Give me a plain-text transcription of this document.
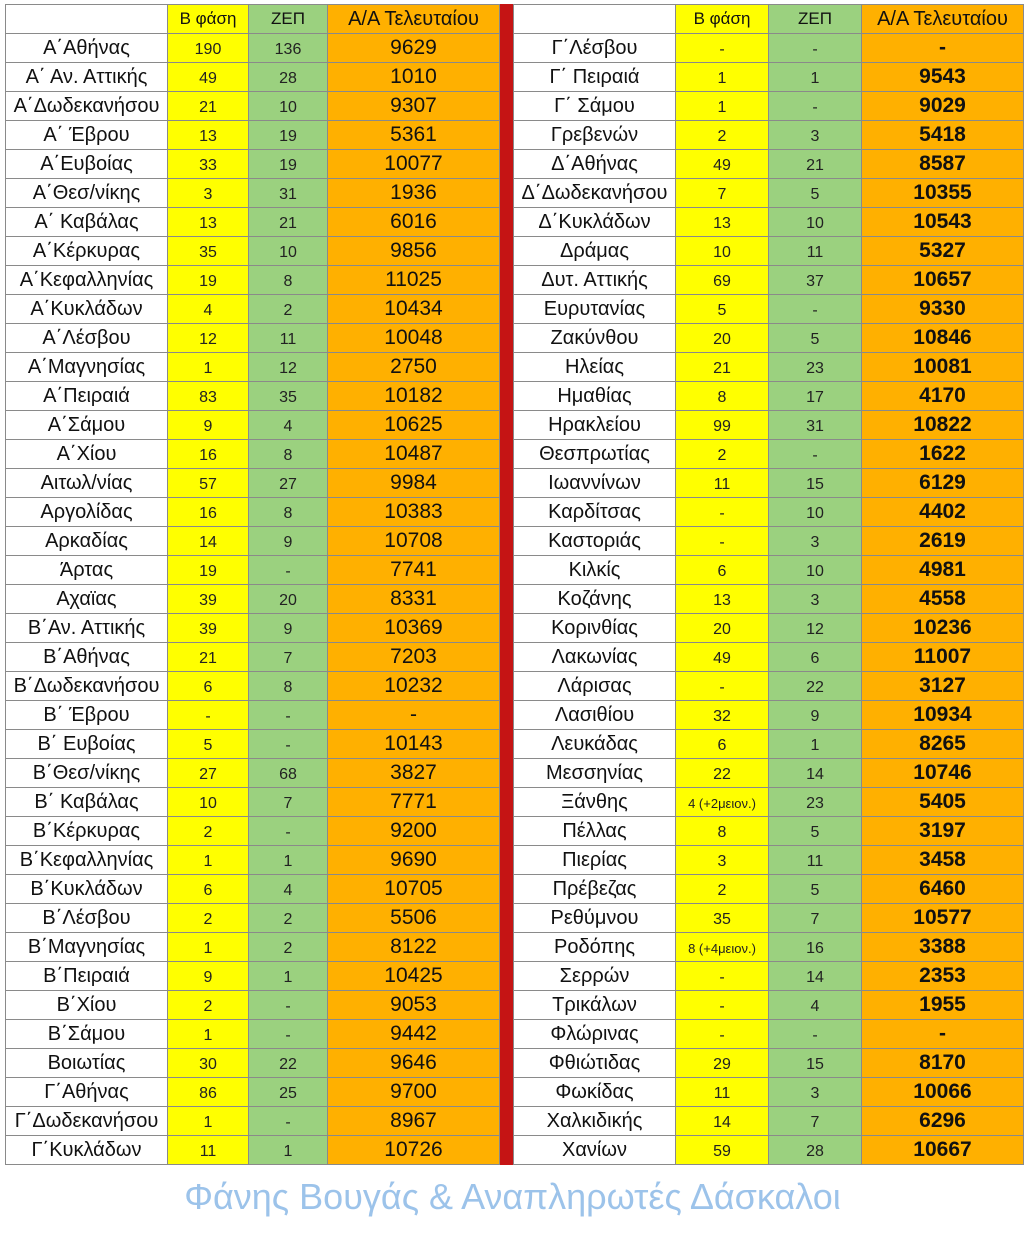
	Β φάση	ΖΕΠ	Α/Α Τελευταίου
Α΄Αθήνας	190	136	9629
Α΄ Αν. Αττικής	49	28	1010
Α΄Δωδεκανήσου	21	10	9307
Α΄ Έβρου	13	19	5361
Α΄Ευβοίας	33	19	10077
Α΄Θεσ/νίκης	3	31	1936
Α΄ Καβάλας	13	21	6016
Α΄Κέρκυρας	35	10	9856
Α΄Κεφαλληνίας	19	8	11025
Α΄Κυκλάδων	4	2	10434
Α΄Λέσβου	12	11	10048
Α΄Μαγνησίας	1	12	2750
Α΄Πειραιά	83	35	10182
Α΄Σάμου	9	4	10625
Α΄Χίου	16	8	10487
Αιτωλ/νίας	57	27	9984
Αργολίδας	16	8	10383
Αρκαδίας	14	9	10708
Άρτας	19	-	7741
Αχαϊας	39	20	8331
Β΄Αν. Αττικής	39	9	10369
Β΄Αθήνας	21	7	7203
Β΄Δωδεκανήσου	6	8	10232
Β΄ Έβρου	-	-	-
Β΄ Ευβοίας	5	-	10143
Β΄Θεσ/νίκης	27	68	3827
Β΄ Καβάλας	10	7	7771
Β΄Κέρκυρας	2	-	9200
Β΄Κεφαλληνίας	1	1	9690
Β΄Κυκλάδων	6	4	10705
Β΄Λέσβου	2	2	5506
Β΄Μαγνησίας	1	2	8122
Β΄Πειραιά	9	1	10425
Β΄Χίου	2	-	9053
Β΄Σάμου	1	-	9442
Βοιωτίας	30	22	9646
Γ΄Αθήνας	86	25	9700
Γ΄Δωδεκανήσου	1	-	8967
Γ΄Κυκλάδων	11	1	10726
	Β φάση	ΖΕΠ	Α/Α Τελευταίου
Γ΄Λέσβου	-	-	-
Γ΄ Πειραιά	1	1	9543
Γ΄ Σάμου	1	-	9029
Γρεβενών	2	3	5418
Δ΄Αθήνας	49	21	8587
Δ΄Δωδεκανήσου	7	5	10355
Δ΄Κυκλάδων	13	10	10543
Δράμας	10	11	5327
Δυτ. Αττικής	69	37	10657
Ευρυτανίας	5	-	9330
Ζακύνθου	20	5	10846
Ηλείας	21	23	10081
Ημαθίας	8	17	4170
Ηρακλείου	99	31	10822
Θεσπρωτίας	2	-	1622
Ιωαννίνων	11	15	6129
Καρδίτσας	-	10	4402
Καστοριάς	-	3	2619
Κιλκίς	6	10	4981
Κοζάνης	13	3	4558
Κορινθίας	20	12	10236
Λακωνίας	49	6	11007
Λάρισας	-	22	3127
Λασιθίου	32	9	10934
Λευκάδας	6	1	8265
Μεσσηνίας	22	14	10746
Ξάνθης	4 (+2μειον.)	23	5405
Πέλλας	8	5	3197
Πιερίας	3	11	3458
Πρέβεζας	2	5	6460
Ρεθύμνου	35	7	10577
Ροδόπης	8 (+4μειον.)	16	3388
Σερρών	-	14	2353
Τρικάλων	-	4	1955
Φλώρινας	-	-	-
Φθιώτιδας	29	15	8170
Φωκίδας	11	3	10066
Χαλκιδικής	14	7	6296
Χανίων	59	28	10667
Φάνης Βουγάς & Αναπληρωτές Δάσκαλοι
